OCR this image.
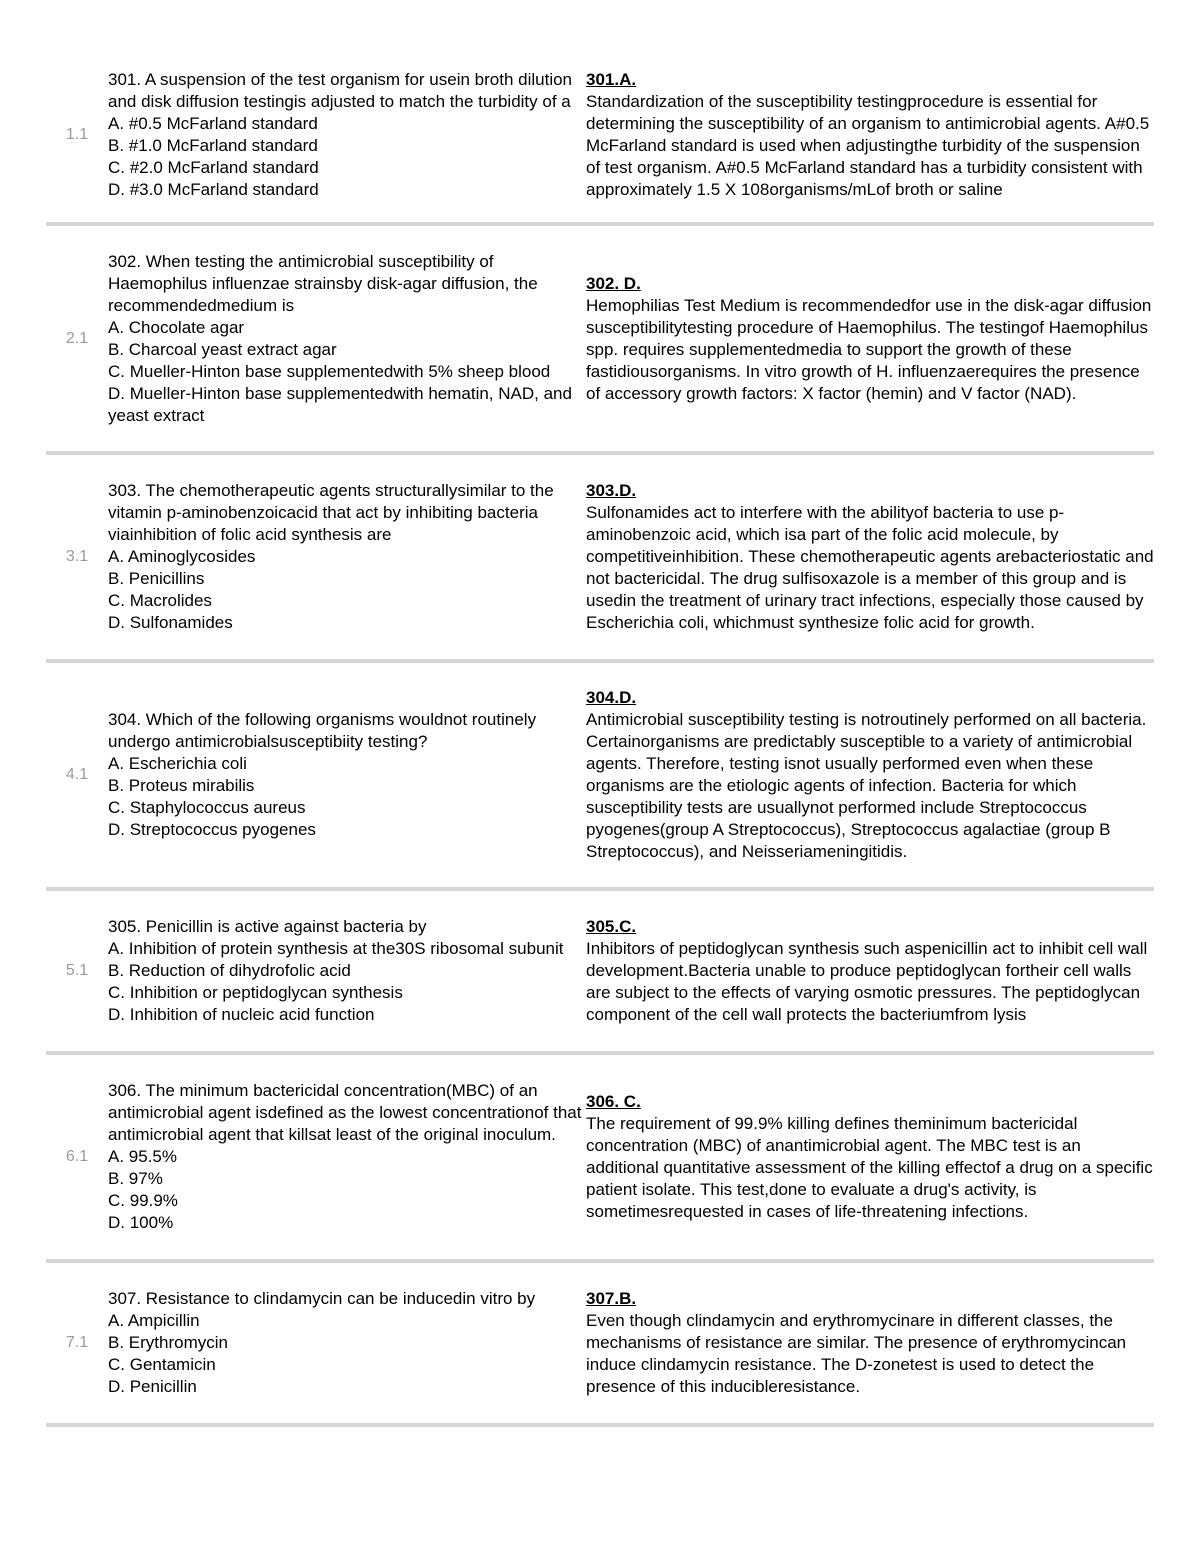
1.1
301. A suspension of the test organism for usein broth dilution and disk diffusion testingis adjusted to match the turbidity of a
A. #0.5 McFarland standard
B. #1.0 McFarland standard
C. #2.0 McFarland standard
D. #3.0 McFarland standard
301.A.
Standardization of the susceptibility testingprocedure is essential for determining the susceptibility of an organism to antimicrobial agents. A#0.5 McFarland standard is used when adjustingthe turbidity of the suspension of test organism. A#0.5 McFarland standard has a turbidity consistent with approximately 1.5 X 108organisms/mLof broth or saline
2.1
302. When testing the antimicrobial susceptibility of Haemophilus influenzae strainsby disk-agar diffusion, the recommendedmedium is
A. Chocolate agar
B. Charcoal yeast extract agar
C. Mueller-Hinton base supplementedwith 5% sheep blood
D. Mueller-Hinton base supplementedwith hematin, NAD, and yeast extract
302. D.
Hemophilias Test Medium is recommendedfor use in the disk-agar diffusion susceptibilitytesting procedure of Haemophilus. The testingof Haemophilus spp. requires supplementedmedia to support the growth of these fastidiousorganisms. In vitro growth of H. influenzaerequires the presence of accessory growth factors: X factor (hemin) and V factor (NAD).
3.1
303. The chemotherapeutic agents structurallysimilar to the vitamin p-aminobenzoicacid that act by inhibiting bacteria viainhibition of folic acid synthesis are
A. Aminoglycosides
B. Penicillins
C. Macrolides
D. Sulfonamides
303.D.
Sulfonamides act to interfere with the abilityof bacteria to use p-aminobenzoic acid, which isa part of the folic acid molecule, by competitiveinhibition. These chemotherapeutic agents arebacteriostatic and not bactericidal. The drug sulfisoxazole is a member of this group and is usedin the treatment of urinary tract infections, especially those caused by Escherichia coli, whichmust synthesize folic acid for growth.
4.1
304. Which of the following organisms wouldnot routinely undergo antimicrobialsusceptibiity testing?
A. Escherichia coli
B. Proteus mirabilis
C. Staphylococcus aureus
D. Streptococcus pyogenes
304.D.
Antimicrobial susceptibility testing is notroutinely performed on all bacteria. Certainorganisms are predictably susceptible to a variety of antimicrobial agents. Therefore, testing isnot usually performed even when these organisms are the etiologic agents of infection. Bacteria for which susceptibility tests are usuallynot performed include Streptococcus pyogenes(group A Streptococcus), Streptococcus agalactiae (group B Streptococcus), and Neisseriameningitidis.
5.1
305. Penicillin is active against bacteria by
A. Inhibition of protein synthesis at the30S ribosomal subunit
B. Reduction of dihydrofolic acid
C. Inhibition or peptidoglycan synthesis
D. Inhibition of nucleic acid function
305.C.
Inhibitors of peptidoglycan synthesis such aspenicillin act to inhibit cell wall development.Bacteria unable to produce peptidoglycan fortheir cell walls are subject to the effects of varying osmotic pressures. The peptidoglycan component of the cell wall protects the bacteriumfrom lysis
6.1
306. The minimum bactericidal concentration(MBC) of an antimicrobial agent isdefined as the lowest concentrationof that antimicrobial agent that killsat least of the original inoculum.
A. 95.5%
B. 97%
C. 99.9%
D. 100%
306. C.
The requirement of 99.9% killing defines theminimum bactericidal concentration (MBC) of anantimicrobial agent. The MBC test is an additional quantitative assessment of the killing effectof a drug on a specific patient isolate. This test,done to evaluate a drug's activity, is sometimesrequested in cases of life-threatening infections.
7.1
307. Resistance to clindamycin can be inducedin vitro by
A. Ampicillin
B. Erythromycin
C. Gentamicin
D. Penicillin
307.B.
Even though clindamycin and erythromycinare in different classes, the mechanisms of resistance are similar. The presence of erythromycincan induce clindamycin resistance. The D-zonetest is used to detect the presence of this inducibleresistance.
